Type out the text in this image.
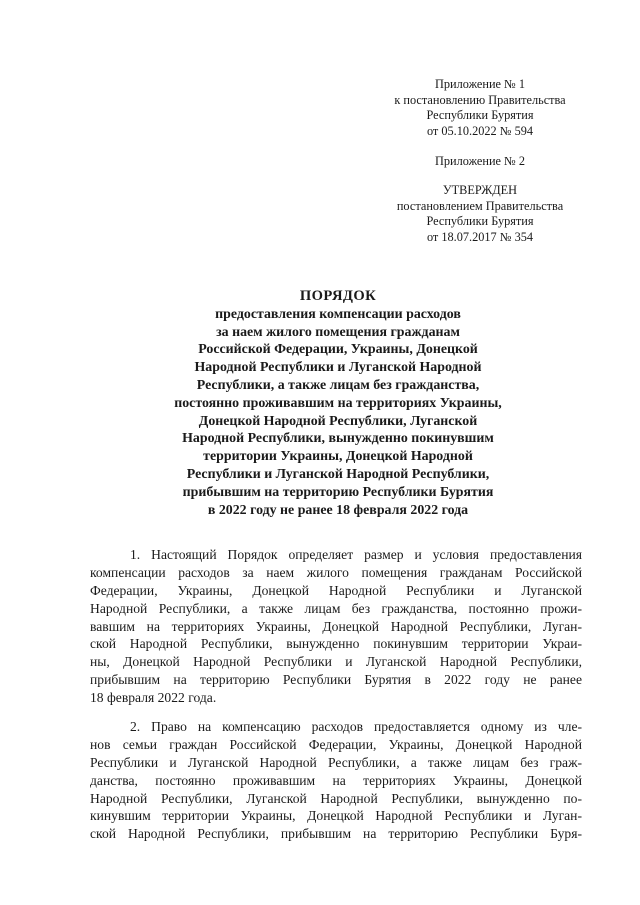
Приложение № 1
к постановлению Правительства
Республики Бурятия
от 05.10.2022 № 594
Приложение № 2
УТВЕРЖДЕН
постановлением Правительства
Республики Бурятия
от 18.07.2017 № 354
ПОРЯДОК
предоставления компенсации расходов
за наем жилого помещения гражданам
Российской Федерации, Украины, Донецкой
Народной Республики и Луганской Народной
Республики, а также лицам без гражданства,
постоянно проживавшим на территориях Украины,
Донецкой Народной Республики, Луганской
Народной Республики, вынужденно покинувшим
территории Украины, Донецкой Народной
Республики и Луганской Народной Республики,
прибывшим на территорию Республики Бурятия
в 2022 году не ранее 18 февраля 2022 года
1. Настоящий Порядок определяет размер и условия предоставления
компенсации расходов за наем жилого помещения гражданам Российской
Федерации, Украины, Донецкой Народной Республики и Луганской
Народной Республики, а также лицам без гражданства, постоянно прожи-
вавшим на территориях Украины, Донецкой Народной Республики, Луган-
ской Народной Республики, вынужденно покинувшим территории Украи-
ны, Донецкой Народной Республики и Луганской Народной Республики,
прибывшим на территорию Республики Бурятия в 2022 году не ранее
18 февраля 2022 года.
2. Право на компенсацию расходов предоставляется одному из чле-
нов семьи граждан Российской Федерации, Украины, Донецкой Народной
Республики и Луганской Народной Республики, а также лицам без граж-
данства, постоянно проживавшим на территориях Украины, Донецкой
Народной Республики, Луганской Народной Республики, вынужденно по-
кинувшим территории Украины, Донецкой Народной Республики и Луган-
ской Народной Республики, прибывшим на территорию Республики Буря-
